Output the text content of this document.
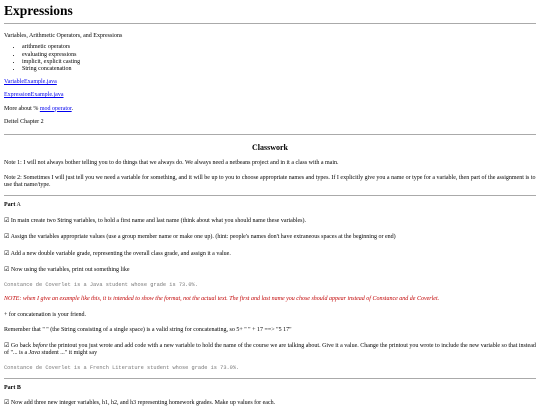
Expressions

Variables, Arithmetic Operators, and Expressions

• arithmetic operators
• evaluating expressions
• implicit, explicit casting
• String concatenation

VariableExample.java

ExpressionExample.java

More about % mod operator.

Deitel Chapter 2

Classwork

Note 1: I will not always bother telling you to do things that we always do. We always need a netbeans project and in it a class with a main.

Note 2: Sometimes I will just tell you we need a variable for something, and it will be up to you to choose appropriate names and types. If I explicitly give you a name or type for a variable, then part of the assignment is to use that name/type.

Part A

☑ In main create two String variables, to hold a first name and last name (think about what you should name these variables).

☑ Assign the variables appropriate values (use a group member name or make one up). (hint: people's names don't have extraneous spaces at the beginning or end)

☑ Add a new double variable grade, representing the overall class grade, and assign it a value.

☑ Now using the variables, print out something like

Constance de Coverlet is a Java student whose grade is 73.0%.

NOTE: when I give an example like this, it is intended to show the format, not the actual text. The first and last name you chose should appear instead of Constance and de Coverlet.

+ for concatenation is your friend.

Remember that " " (the String consisting of a single space) is a valid string for concatenating, so 5+ " " + 17 ==> "5 17"

☑ Go back before the printout you just wrote and add code with a new variable to hold the name of the course we are talking about. Give it a value. Change the printout you wrote to include the new variable so that instead of "... is a Java student ..." it might say

Constance de Coverlet is a French Literature student whose grade is 73.0%.

Part B

☑ Now add three new integer variables, h1, h2, and h3 representing homework grades. Make up values for each.
